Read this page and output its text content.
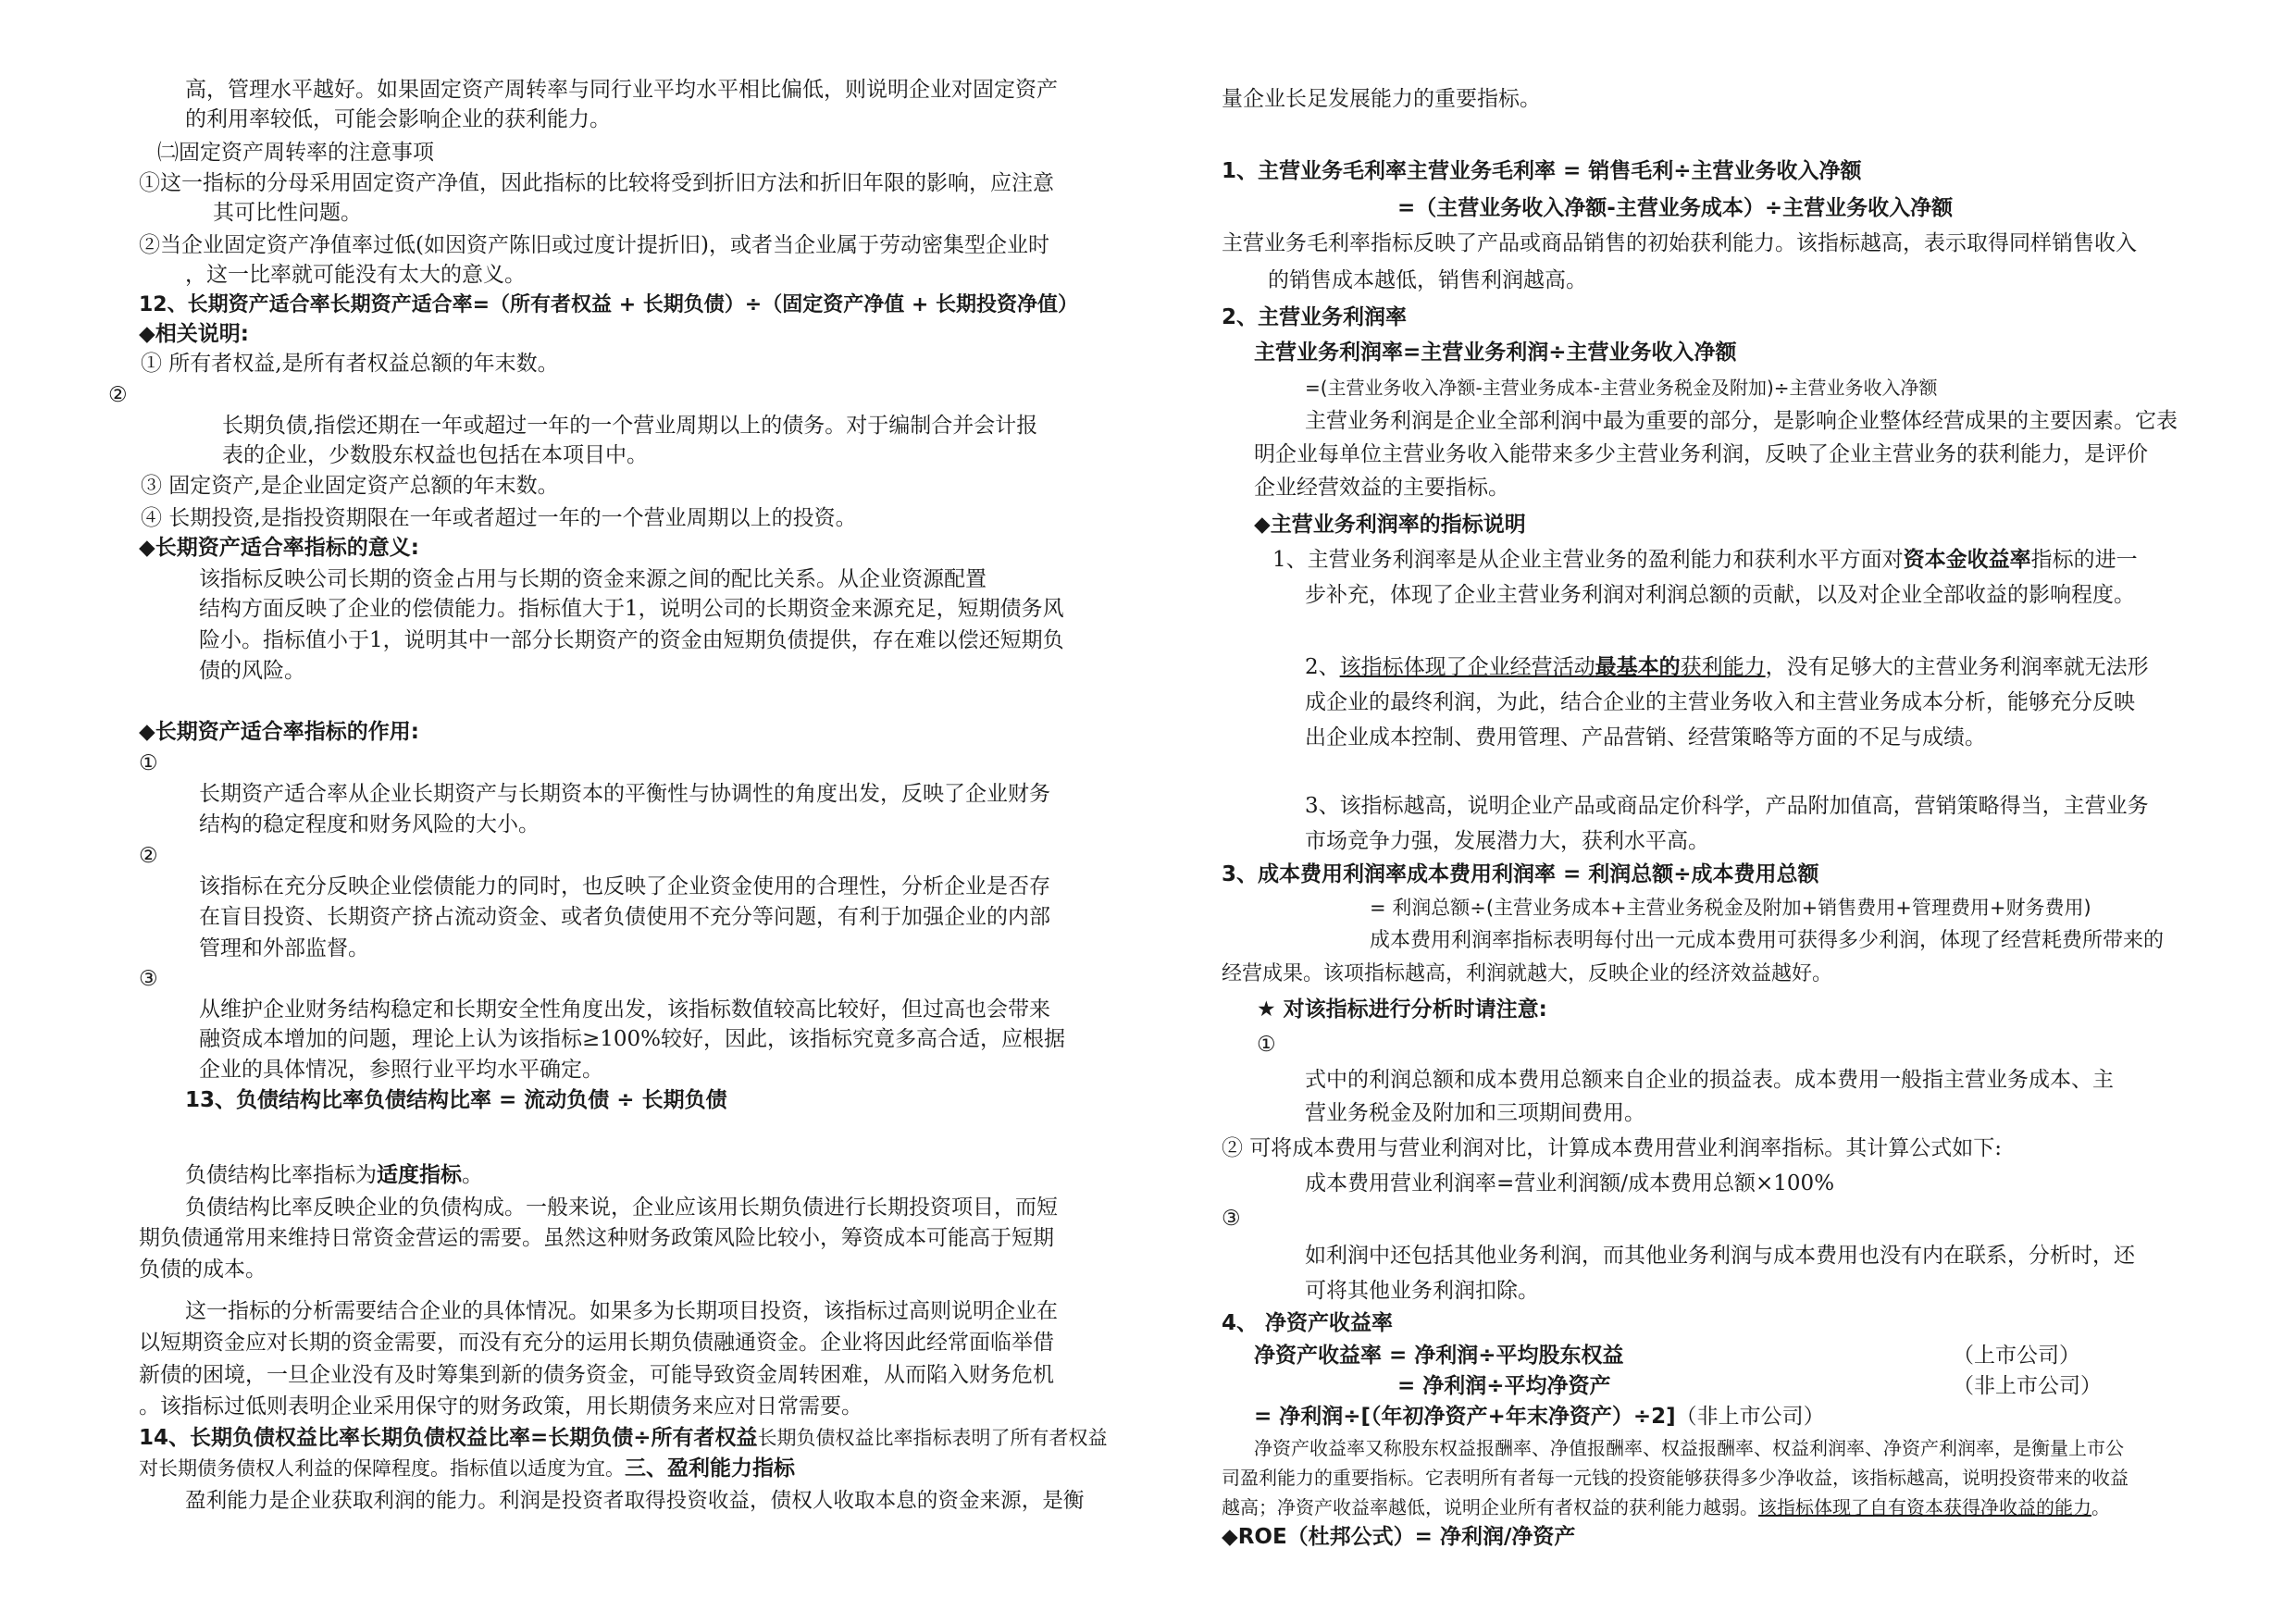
高，管理水平越好。如果固定资产周转率与同行业平均水平相比偏低，则说明企业对固定资产
的利用率较低，可能会影响企业的获利能力。
㈡固定资产周转率的注意事项
①这一指标的分母采用固定资产净值，因此指标的比较将受到折旧方法和折旧年限的影响，应注意
其可比性问题。
②当企业固定资产净值率过低(如因资产陈旧或过度计提折旧)，或者当企业属于劳动密集型企业时
，这一比率就可能没有太大的意义。
12、长期资产适合率长期资产适合率=（所有者权益 + 长期负债）÷（固定资产净值 + 长期投资净值）
◆相关说明:
① 所有者权益,是所有者权益总额的年末数。
②
长期负债,指偿还期在一年或超过一年的一个营业周期以上的债务。对于编制合并会计报
表的企业，少数股东权益也包括在本项目中。
③ 固定资产,是企业固定资产总额的年末数。
④ 长期投资,是指投资期限在一年或者超过一年的一个营业周期以上的投资。
◆长期资产适合率指标的意义:
该指标反映公司长期的资金占用与长期的资金来源之间的配比关系。从企业资源配置
结构方面反映了企业的偿债能力。指标值大于1，说明公司的长期资金来源充足，短期债务风
险小。指标值小于1，说明其中一部分长期资产的资金由短期负债提供，存在难以偿还短期负
债的风险。
◆长期资产适合率指标的作用:
①
长期资产适合率从企业长期资产与长期资本的平衡性与协调性的角度出发，反映了企业财务
结构的稳定程度和财务风险的大小。
②
该指标在充分反映企业偿债能力的同时，也反映了企业资金使用的合理性，分析企业是否存
在盲目投资、长期资产挤占流动资金、或者负债使用不充分等问题，有利于加强企业的内部
管理和外部监督。
③
从维护企业财务结构稳定和长期安全性角度出发，该指标数值较高比较好，但过高也会带来
融资成本增加的问题，理论上认为该指标≥100%较好，因此，该指标究竟多高合适，应根据
企业的具体情况，参照行业平均水平确定。
13、负债结构比率负债结构比率 = 流动负债 ÷ 长期负债
负债结构比率指标为适度指标。
负债结构比率反映企业的负债构成。一般来说，企业应该用长期负债进行长期投资项目，而短
期负债通常用来维持日常资金营运的需要。虽然这种财务政策风险比较小，筹资成本可能高于短期
负债的成本。
这一指标的分析需要结合企业的具体情况。如果多为长期项目投资，该指标过高则说明企业在
以短期资金应对长期的资金需要，而没有充分的运用长期负债融通资金。企业将因此经常面临举借
新债的困境，一旦企业没有及时筹集到新的债务资金，可能导致资金周转困难，从而陷入财务危机
。该指标过低则表明企业采用保守的财务政策，用长期债务来应对日常需要。
14、长期负债权益比率长期负债权益比率=长期负债÷所有者权益长期负债权益比率指标表明了所有者权益
对长期债务债权人利益的保障程度。指标值以适度为宜。三、盈利能力指标
盈利能力是企业获取利润的能力。利润是投资者取得投资收益，债权人收取本息的资金来源，是衡
量企业长足发展能力的重要指标。
1、主营业务毛利率主营业务毛利率 = 销售毛利÷主营业务收入净额
=（主营业务收入净额-主营业务成本）÷主营业务收入净额
主营业务毛利率指标反映了产品或商品销售的初始获利能力。该指标越高，表示取得同样销售收入
的销售成本越低，销售利润越高。
2、主营业务利润率
主营业务利润率=主营业务利润÷主营业务收入净额
=(主营业务收入净额-主营业务成本-主营业务税金及附加)÷主营业务收入净额
主营业务利润是企业全部利润中最为重要的部分，是影响企业整体经营成果的主要因素。它表
明企业每单位主营业务收入能带来多少主营业务利润，反映了企业主营业务的获利能力，是评价
企业经营效益的主要指标。
◆主营业务利润率的指标说明
1、主营业务利润率是从企业主营业务的盈利能力和获利水平方面对资本金收益率指标的进一
步补充，体现了企业主营业务利润对利润总额的贡献，以及对企业全部收益的影响程度。
2、该指标体现了企业经营活动最基本的获利能力，没有足够大的主营业务利润率就无法形
成企业的最终利润，为此，结合企业的主营业务收入和主营业务成本分析，能够充分反映
出企业成本控制、费用管理、产品营销、经营策略等方面的不足与成绩。
3、该指标越高，说明企业产品或商品定价科学，产品附加值高，营销策略得当，主营业务
市场竞争力强，发展潜力大，获利水平高。
3、成本费用利润率成本费用利润率 = 利润总额÷成本费用总额
= 利润总额÷(主营业务成本+主营业务税金及附加+销售费用+管理费用+财务费用)
成本费用利润率指标表明每付出一元成本费用可获得多少利润，体现了经营耗费所带来的
经营成果。该项指标越高，利润就越大，反映企业的经济效益越好。
★ 对该指标进行分析时请注意:
①
式中的利润总额和成本费用总额来自企业的损益表。成本费用一般指主营业务成本、主
营业务税金及附加和三项期间费用。
② 可将成本费用与营业利润对比，计算成本费用营业利润率指标。其计算公式如下:
成本费用营业利润率=营业利润额/成本费用总额×100%
③
如利润中还包括其他业务利润，而其他业务利润与成本费用也没有内在联系，分析时，还
可将其他业务利润扣除。
4、 净资产收益率
净资产收益率 = 净利润÷平均股东权益	（上市公司）
= 净利润÷平均净资产	（非上市公司）
= 净利润÷[（年初净资产+年末净资产）÷2]（非上市公司）
净资产收益率又称股东权益报酬率、净值报酬率、权益报酬率、权益利润率、净资产利润率，是衡量上市公
司盈利能力的重要指标。它表明所有者每一元钱的投资能够获得多少净收益，该指标越高，说明投资带来的收益
越高；净资产收益率越低，说明企业所有者权益的获利能力越弱。该指标体现了自有资本获得净收益的能力。
◆ROE（杜邦公式）= 净利润/净资产
